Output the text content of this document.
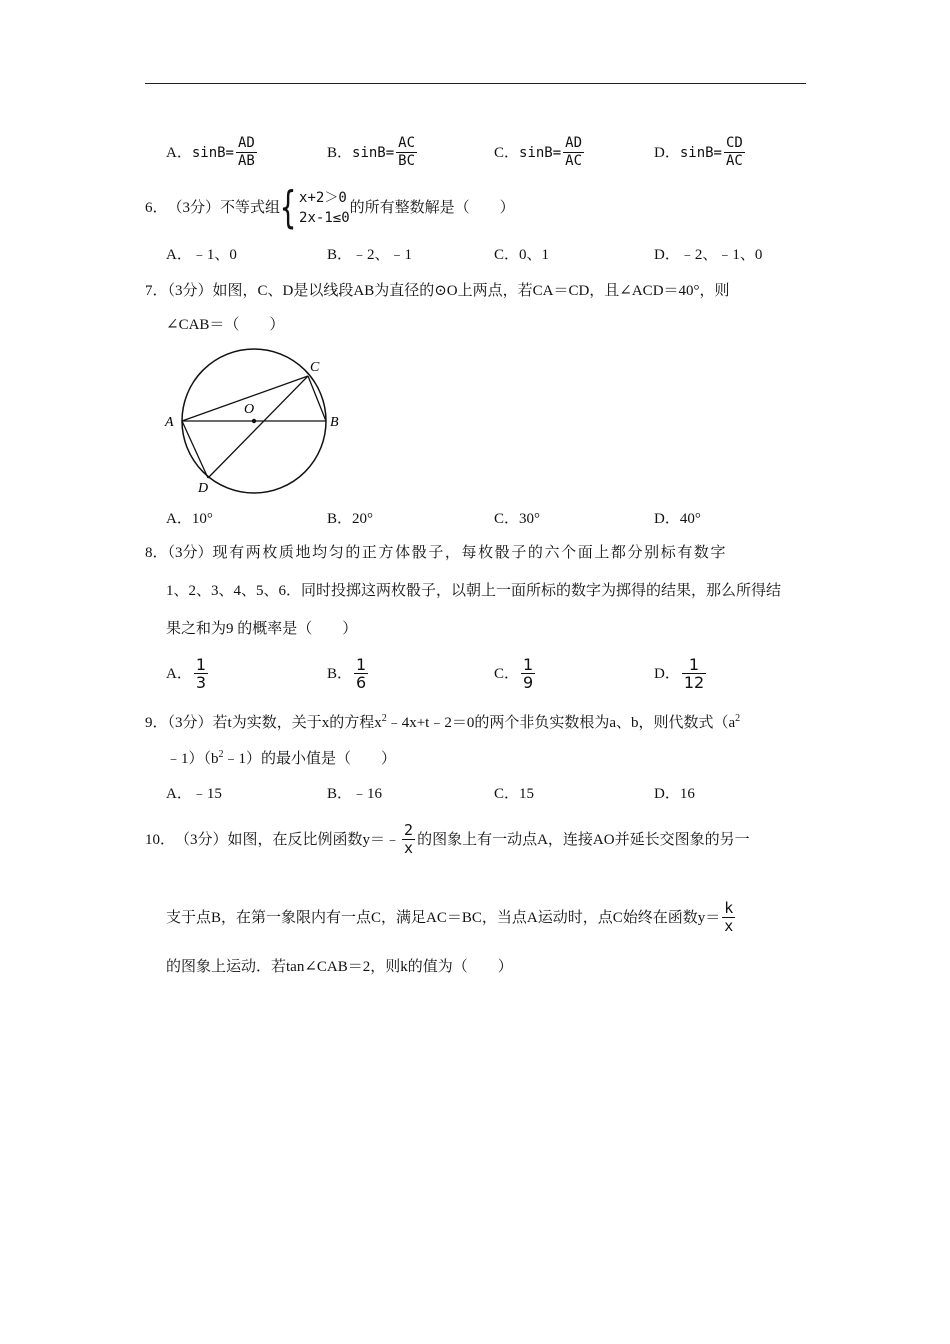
A． $\sin B= \frac{AD}{AB}$	B． $\sin B= \frac{AC}{BC}$	C． $\sin B= \frac{AD}{AC}$	D． $\sin B= \frac{CD}{AC}$
6． （3分） 不等式组 { x+2＞0
2x-1≤0
的所有整数解是（　　）
A． ﹣1、0	B． ﹣2、﹣1	C． 0、1	D． ﹣2、﹣1、0
7．（3分）如图，C、D是以线段AB为直径的⊙O上两点，若CA＝CD，且∠ACD＝40°，则
∠CAB＝（　　）
A	B
C
D
O
A． 10°	B． 20°	C． 30°	D． 40°
8．（3分）现有两枚质地均匀的正方体骰子，每枚骰子的六个面上都分别标有数字
1、2、3、4、5、6．同时投掷这两枚骰子，以朝上一面所标的数字为掷得的结果，那么所得结
果之和为9 的概率是（　　）
A． $\frac{1}{3}$	B． $\frac{1}{6}$	C． $\frac{1}{9}$	D． $\frac{1}{12}$
9．（3分）若t为实数，关于x的方程$x^2﹣4x+t﹣2=0$的两个非负实数根为a、b，则代数式（$a^2$
$﹣1)(b^2﹣1)$的最小值是（　　）
A． ﹣15	B． ﹣16	C． 15	D． 16
10． （3分） 如图，在反比例函数y＝﹣ $\frac{2}{x}$ 的图象上有一动点A，连接AO并延长交图象的另一
支于点B，在第一象限内有一点C，满足AC＝BC，当点A运动时，点C始终在函数$y= \frac{k}{x}$
的图象上运动．若tan∠CAB＝2，则k的值为（　　）
